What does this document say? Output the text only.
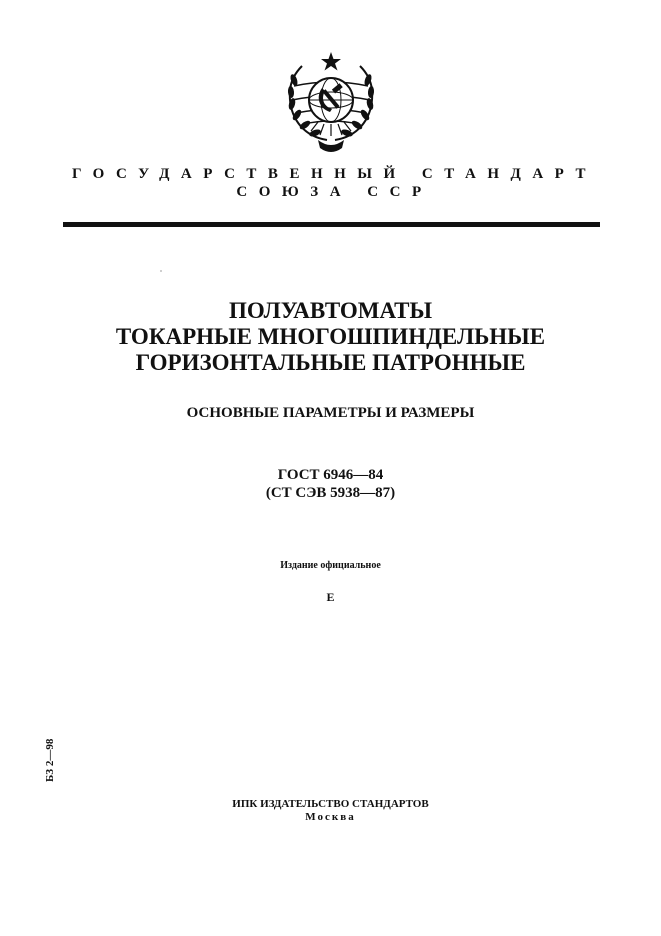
ГОСУДАРСТВЕННЫЙ СТАНДАРТ
СОЮЗА ССР
ПОЛУАВТОМАТЫ
ТОКАРНЫЕ МНОГОШПИНДЕЛЬНЫЕ
ГОРИЗОНТАЛЬНЫЕ ПАТРОННЫЕ
ОСНОВНЫЕ ПАРАМЕТРЫ И РАЗМЕРЫ
ГОСТ 6946—84
(СТ СЭВ 5938—87)
Издание официальное
Е
БЗ 2—98
ИПК ИЗДАТЕЛЬСТВО СТАНДАРТОВ
Москва
